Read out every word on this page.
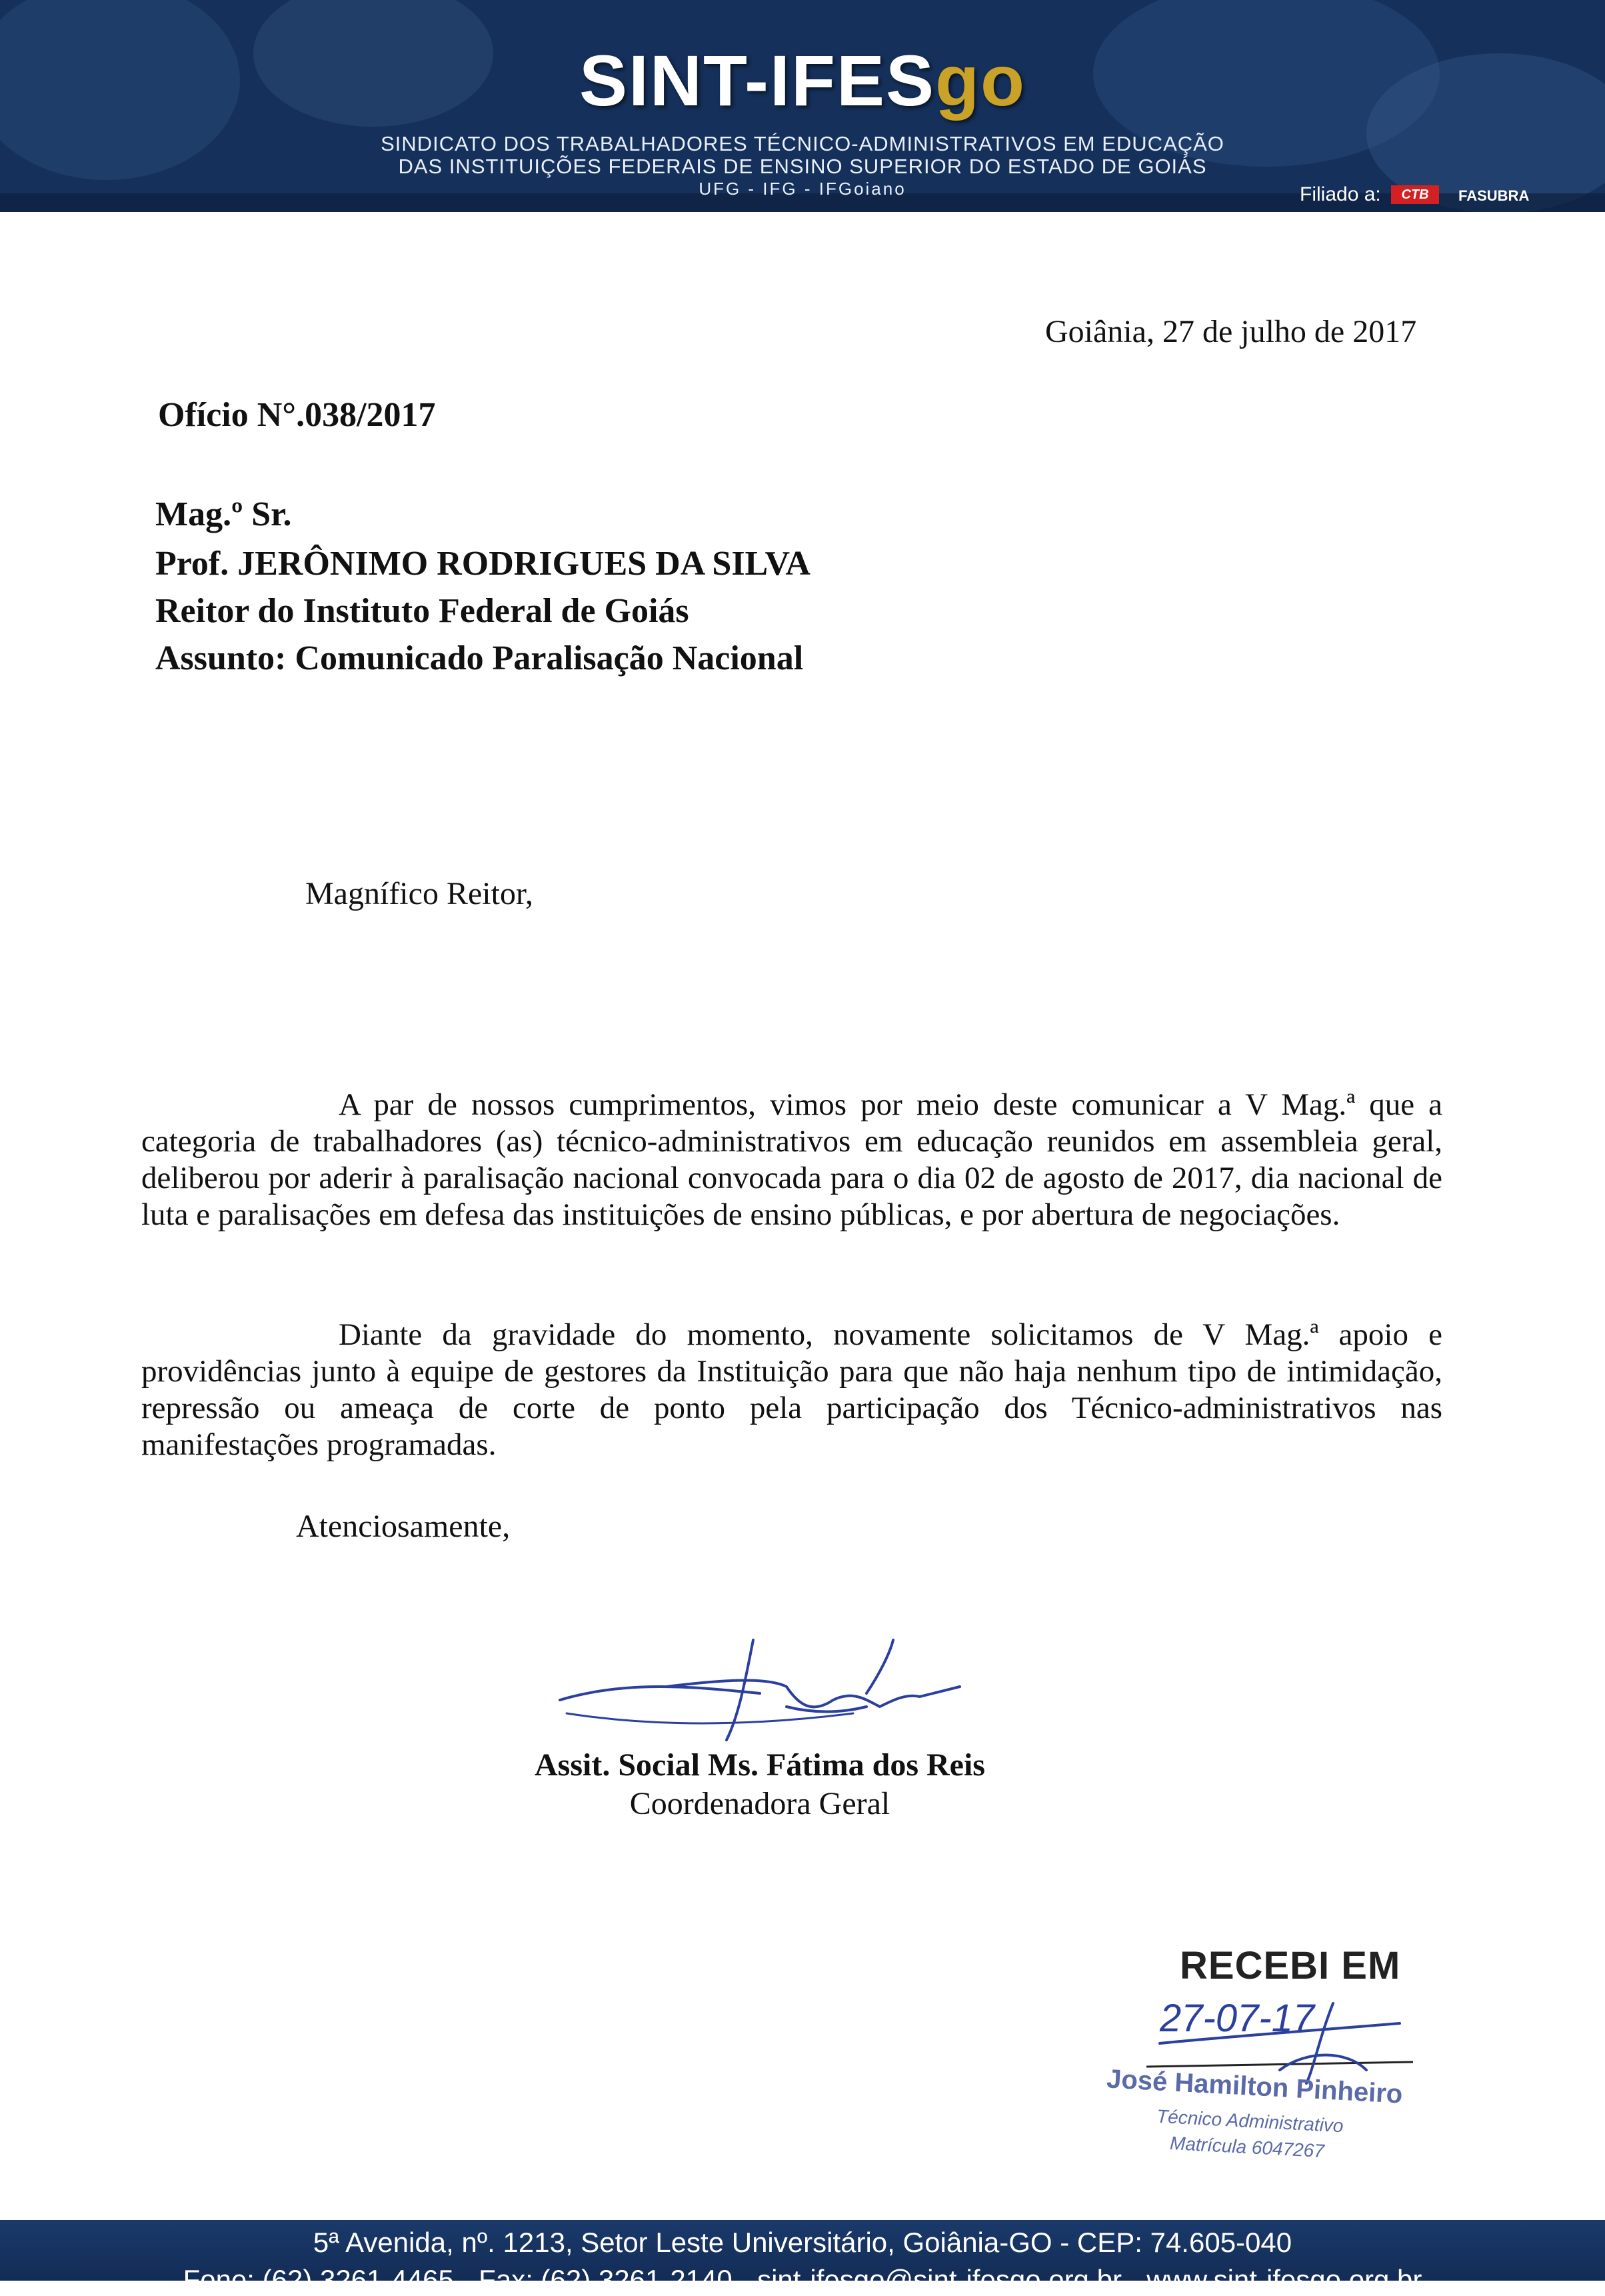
SINT-IFESgo
SINDICATO DOS TRABALHADORES TÉCNICO-ADMINISTRATIVOS EM EDUCAÇÃO
DAS INSTITUIÇÕES FEDERAIS DE ENSINO SUPERIOR DO ESTADO DE GOIÁS
UFG - IFG - IFGoiano	Filiado a:	CTB	FASUBRA
Goiânia, 27 de julho de 2017
Ofício N°.038/2017
Mag.º Sr.
Prof. JERÔNIMO RODRIGUES DA SILVA
Reitor do Instituto Federal de Goiás
Assunto: Comunicado Paralisação Nacional
Magnífico Reitor,
A par de nossos cumprimentos, vimos por meio deste comunicar a V Mag.ª que a categoria de trabalhadores (as) técnico-administrativos em educação reunidos em assembleia geral, deliberou por aderir à paralisação nacional convocada para o dia 02 de agosto de 2017, dia nacional de luta e paralisações em defesa das instituições de ensino públicas, e por abertura de negociações.
Diante da gravidade do momento, novamente solicitamos de V Mag.ª apoio e providências junto à equipe de gestores da Instituição para que não haja nenhum tipo de intimidação, repressão ou ameaça de corte de ponto pela participação dos Técnico-administrativos nas manifestações programadas.
Atenciosamente,
Assit. Social Ms. Fátima dos Reis
Coordenadora Geral
RECEBI EM
27-07-17
José Hamilton Pinheiro
Técnico Administrativo
Matrícula 6047267
5ª Avenida, nº. 1213, Setor Leste Universitário, Goiânia-GO - CEP: 74.605-040
Fone: (62) 3261-4465 - Fax: (62) 3261-2140 - sint-ifesgo@sint-ifesgo.org.br - www.sint-ifesgo.org.br
